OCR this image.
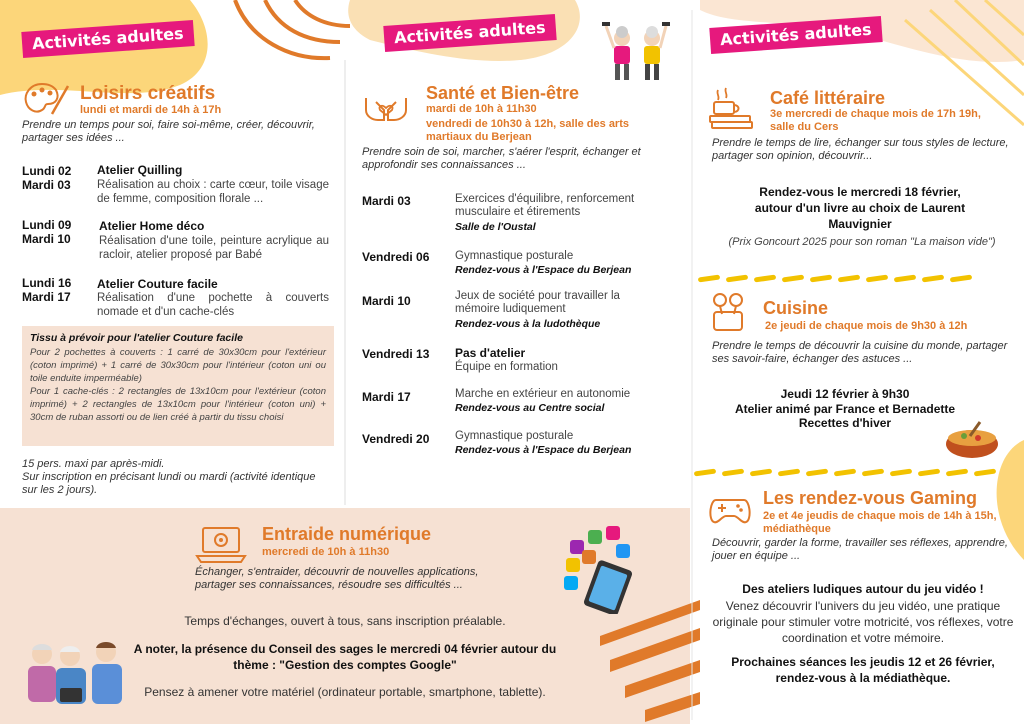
Activités adultes	Activités adultes	Activités adultes
Loisirs créatifs
lundi et mardi de 14h à 17h
Prendre un temps pour soi, faire soi-même, créer, découvrir, partager ses idées ...
Lundi 02
Mardi 03
Atelier Quilling
Réalisation au choix : carte cœur, toile visage de femme, composition florale ...
Lundi 09
Mardi 10
Atelier Home déco
Réalisation d'une toile, peinture acrylique au racloir, atelier proposé par Babé
Lundi 16
Mardi 17
Atelier Couture facile
Réalisation d'une pochette à couverts nomade et d'un cache-clés
Tissu à prévoir pour l'atelier Couture facile
Pour 2 pochettes à couverts : 1 carré de 30x30cm pour l'extérieur (coton imprimé) + 1 carré de 30x30cm pour l'intérieur (coton uni ou toile enduite imperméable)
Pour 1 cache-clés : 2 rectangles de 13x10cm pour l'extérieur (coton imprimé) + 2 rectangles de 13x10cm pour l'intérieur (coton uni) + 30cm de ruban assorti ou de lien créé à partir du tissu choisi
15 pers. maxi par après-midi.
Sur inscription en précisant lundi ou mardi (activité identique sur les 2 jours).
Santé et Bien-être
mardi de 10h à 11h30
vendredi de 10h30 à 12h, salle des arts martiaux du Berjean
Prendre soin de soi, marcher, s'aérer l'esprit, échanger et approfondir ses connaissances ...
Mardi 03	Exercices d'équilibre, renforcement musculaire et étirements
Salle de l'Oustal
Vendredi 06 Gymnastique posturale
Rendez-vous à l'Espace du Berjean
Mardi 10	Jeux de société pour travailler la mémoire ludiquement
Rendez-vous à la ludothèque
Vendredi 13 Pas d'atelier
Équipe en formation
Mardi 17	Marche en extérieur en autonomie
Rendez-vous au Centre social
Vendredi 20 Gymnastique posturale
Rendez-vous à l'Espace du Berjean
Entraide numérique
mercredi de 10h à 11h30
Échanger, s'entraider, découvrir de nouvelles applications, partager ses connaissances, résoudre ses difficultés ...
Temps d'échanges, ouvert à tous, sans inscription préalable.
A noter, la présence du Conseil des sages le mercredi 04 février autour du thème : "Gestion des comptes Google"
Pensez à amener votre matériel (ordinateur portable, smartphone, tablette).
Café littéraire
3e mercredi de chaque mois de 17h 19h, salle du Cers
Prendre le temps de lire, échanger sur tous styles de lecture, partager son opinion, découvrir...
Rendez-vous le mercredi 18 février, autour d'un livre au choix de Laurent Mauvignier
(Prix Goncourt 2025 pour son roman "La maison vide")
Cuisine
2e jeudi de chaque mois de 9h30 à 12h
Prendre le temps de découvrir la cuisine du monde, partager ses savoir-faire, échanger des astuces ...
Jeudi 12 février à 9h30
Atelier animé par France et Bernadette
Recettes d'hiver
Les rendez-vous Gaming
2e et 4e jeudis de chaque mois de 14h à 15h, médiathèque
Découvrir, garder la forme, travailler ses réflexes, apprendre, jouer en équipe ...
Des ateliers ludiques autour du jeu vidéo !
Venez découvrir l'univers du jeu vidéo, une pratique originale pour stimuler votre motricité, vos réflexes, votre coordination et votre mémoire.
Prochaines séances les jeudis 12 et 26 février, rendez-vous à la médiathèque.
